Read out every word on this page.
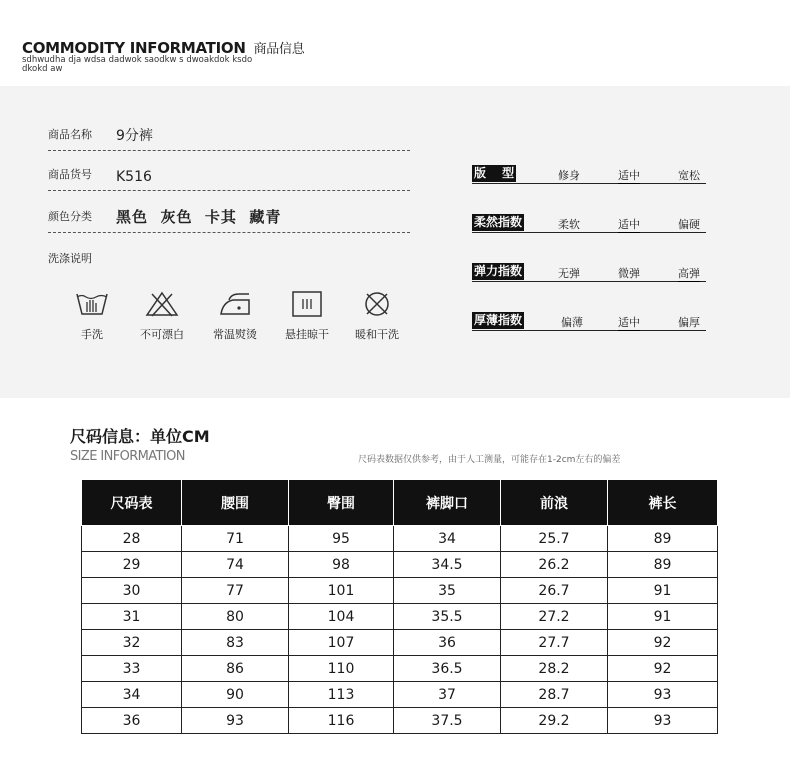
COMMODITY INFORMATION 商品信息
sdhwudha dja wdsa dadwok saodkw s dwoakdok ksdo dkokd aw
商品名称 9分裤
商品货号 K516
颜色分类 黑色  灰色  卡其  藏青
洗涤说明
手洗	不可漂白	常温熨烫	悬挂晾干	暖和干洗
版　 型	修身	适中	宽松
柔然指数	柔软	适中	偏硬
弹力指数	无弹	微弹	高弹
厚薄指数	偏薄	适中	偏厚
尺码信息：单位CM
SIZE INFORMATION	尺码表数据仅供参考，由于人工测量，可能存在1-2cm左右的偏差
尺码表	腰围	臀围	裤脚口	前浪	裤长
28	71	95	34	25.7	89
29	74	98	34.5	26.2	89
30	77	101	35	26.7	91
31	80	104	35.5	27.2	91
32	83	107	36	27.7	92
33	86	110	36.5	28.2	92
34	90	113	37	28.7	93
36	93	116	37.5	29.2	93
